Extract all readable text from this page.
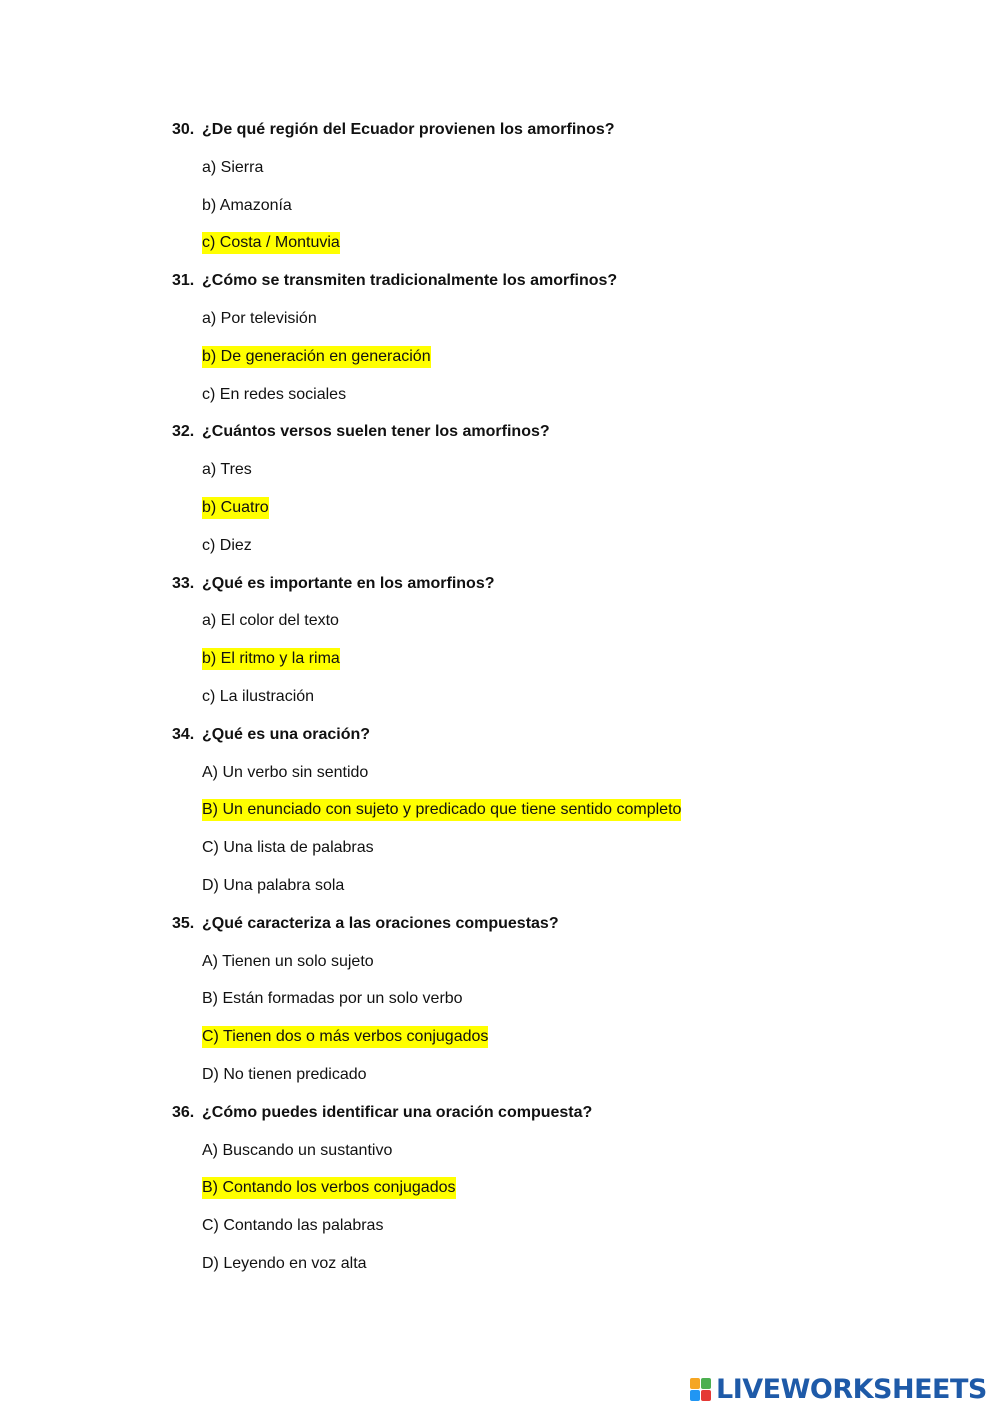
30. ¿De qué región del Ecuador provienen los amorfinos?
a) Sierra
b) Amazonía
c) Costa / Montuvia
31. ¿Cómo se transmiten tradicionalmente los amorfinos?
a) Por televisión
b) De generación en generación
c) En redes sociales
32. ¿Cuántos versos suelen tener los amorfinos?
a) Tres
b) Cuatro
c) Diez
33. ¿Qué es importante en los amorfinos?
a) El color del texto
b) El ritmo y la rima
c) La ilustración
34. ¿Qué es una oración?
A) Un verbo sin sentido
B) Un enunciado con sujeto y predicado que tiene sentido completo
C) Una lista de palabras
D) Una palabra sola
35. ¿Qué caracteriza a las oraciones compuestas?
A) Tienen un solo sujeto
B) Están formadas por un solo verbo
C) Tienen dos o más verbos conjugados
D) No tienen predicado
36. ¿Cómo puedes identificar una oración compuesta?
A) Buscando un sustantivo
B) Contando los verbos conjugados
C) Contando las palabras
D) Leyendo en voz alta
LIVEWORKSHEETS
